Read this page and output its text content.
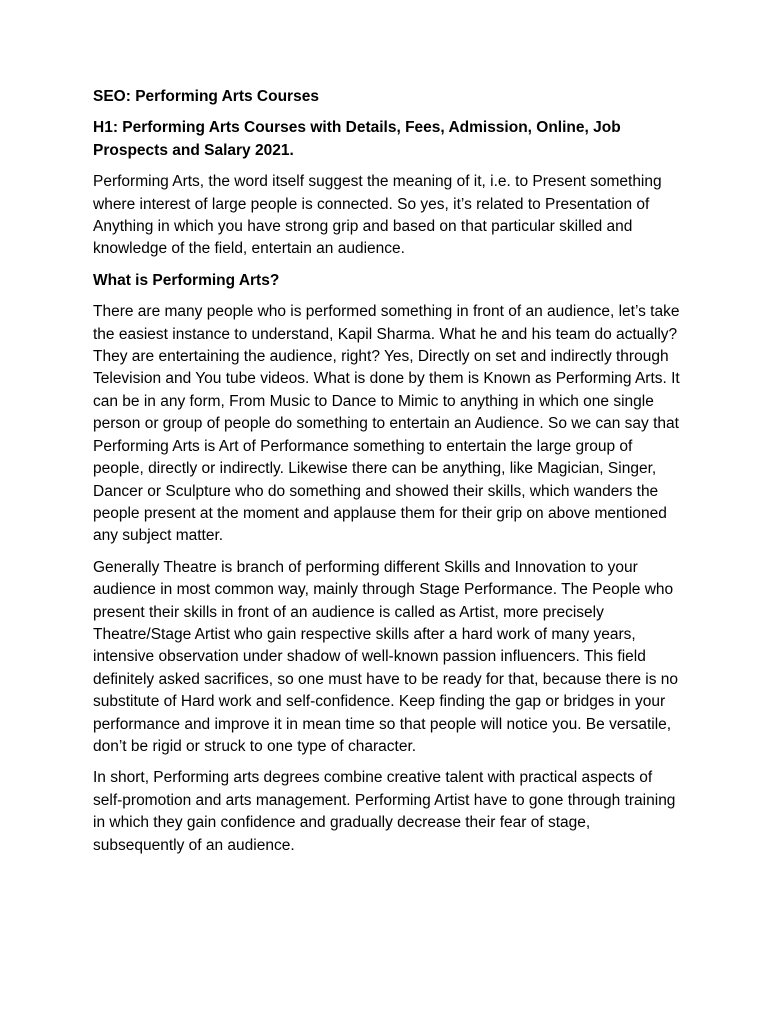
SEO: Performing Arts Courses

H1: Performing Arts Courses with Details, Fees, Admission, Online, Job Prospects and Salary 2021.

Performing Arts, the word itself suggest the meaning of it, i.e. to Present something where interest of large people is connected. So yes, it’s related to Presentation of Anything in which you have strong grip and based on that particular skilled and knowledge of the field, entertain an audience.

What is Performing Arts?

There are many people who is performed something in front of an audience, let’s take the easiest instance to understand, Kapil Sharma. What he and his team do actually? They are entertaining the audience, right? Yes, Directly on set and indirectly through Television and You tube videos. What is done by them is Known as Performing Arts. It can be in any form, From Music to Dance to Mimic to anything in which one single person or group of people do something to entertain an Audience. So we can say that Performing Arts is Art of Performance something to entertain the large group of people, directly or indirectly. Likewise there can be anything, like Magician, Singer, Dancer or Sculpture who do something and showed their skills, which wanders the people present at the moment and applause them for their grip on above mentioned any subject matter.

Generally Theatre is branch of performing different Skills and Innovation to your audience in most common way, mainly through Stage Performance. The People who present their skills in front of an audience is called as Artist, more precisely Theatre/Stage Artist who gain respective skills after a hard work of many years, intensive observation under shadow of well-known passion influencers. This field definitely asked sacrifices, so one must have to be ready for that, because there is no substitute of Hard work and self-confidence. Keep finding the gap or bridges in your performance and improve it in mean time so that people will notice you. Be versatile, don’t be rigid or struck to one type of character.

In short, Performing arts degrees combine creative talent with practical aspects of self-promotion and arts management. Performing Artist have to gone through training in which they gain confidence and gradually decrease their fear of stage, subsequently of an audience.
